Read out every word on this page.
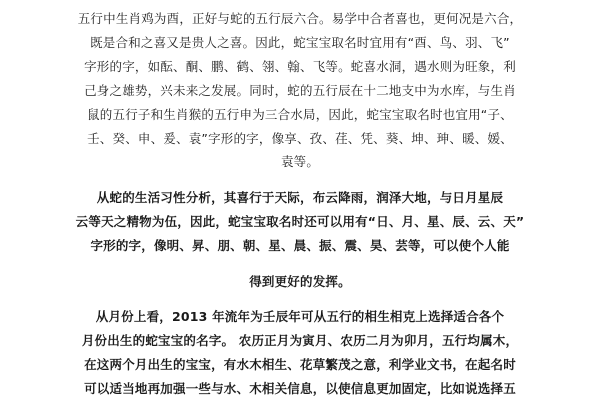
五行中生肖鸡为酉，正好与蛇的五行辰六合。易学中合者喜也，更何况是六合，
既是合和之喜又是贵人之喜。因此，蛇宝宝取名时宜用有“酉、鸟、羽、飞”
字形的字，如酝、酮、鹏、鹤、翎、翰、飞等。蛇喜水洞，遇水则为旺象，利
己身之雄势，兴未来之发展。同时，蛇的五行辰在十二地支中为水库，与生肖
鼠的五行子和生肖猴的五行申为三合水局，因此，蛇宝宝取名时也宜用“子、
壬、癸、申、爰、袁”字形的字，像享、孜、荏、凭、葵、坤、珅、暖、媛、
袁等。
从蛇的生活习性分析，其喜行于天际，布云降雨，润泽大地，与日月星辰
云等天之精物为伍，因此，蛇宝宝取名时还可以用有“日、月、星、辰、云、天”
字形的字，像明、昇、朋、朝、星、晨、振、震、昊、芸等，可以使个人能
得到更好的发挥。
从月份上看，2013 年流年为壬辰年可从五行的相生相克上选择适合各个
月份出生的蛇宝宝的名字。 农历正月为寅月、农历二月为卯月，五行均属木，
在这两个月出生的宝宝，有水木相生、花草繁茂之意，利学业文书，在起名时
可以适当地再加强一些与水、木相关信息，以使信息更加固定，比如说选择五
